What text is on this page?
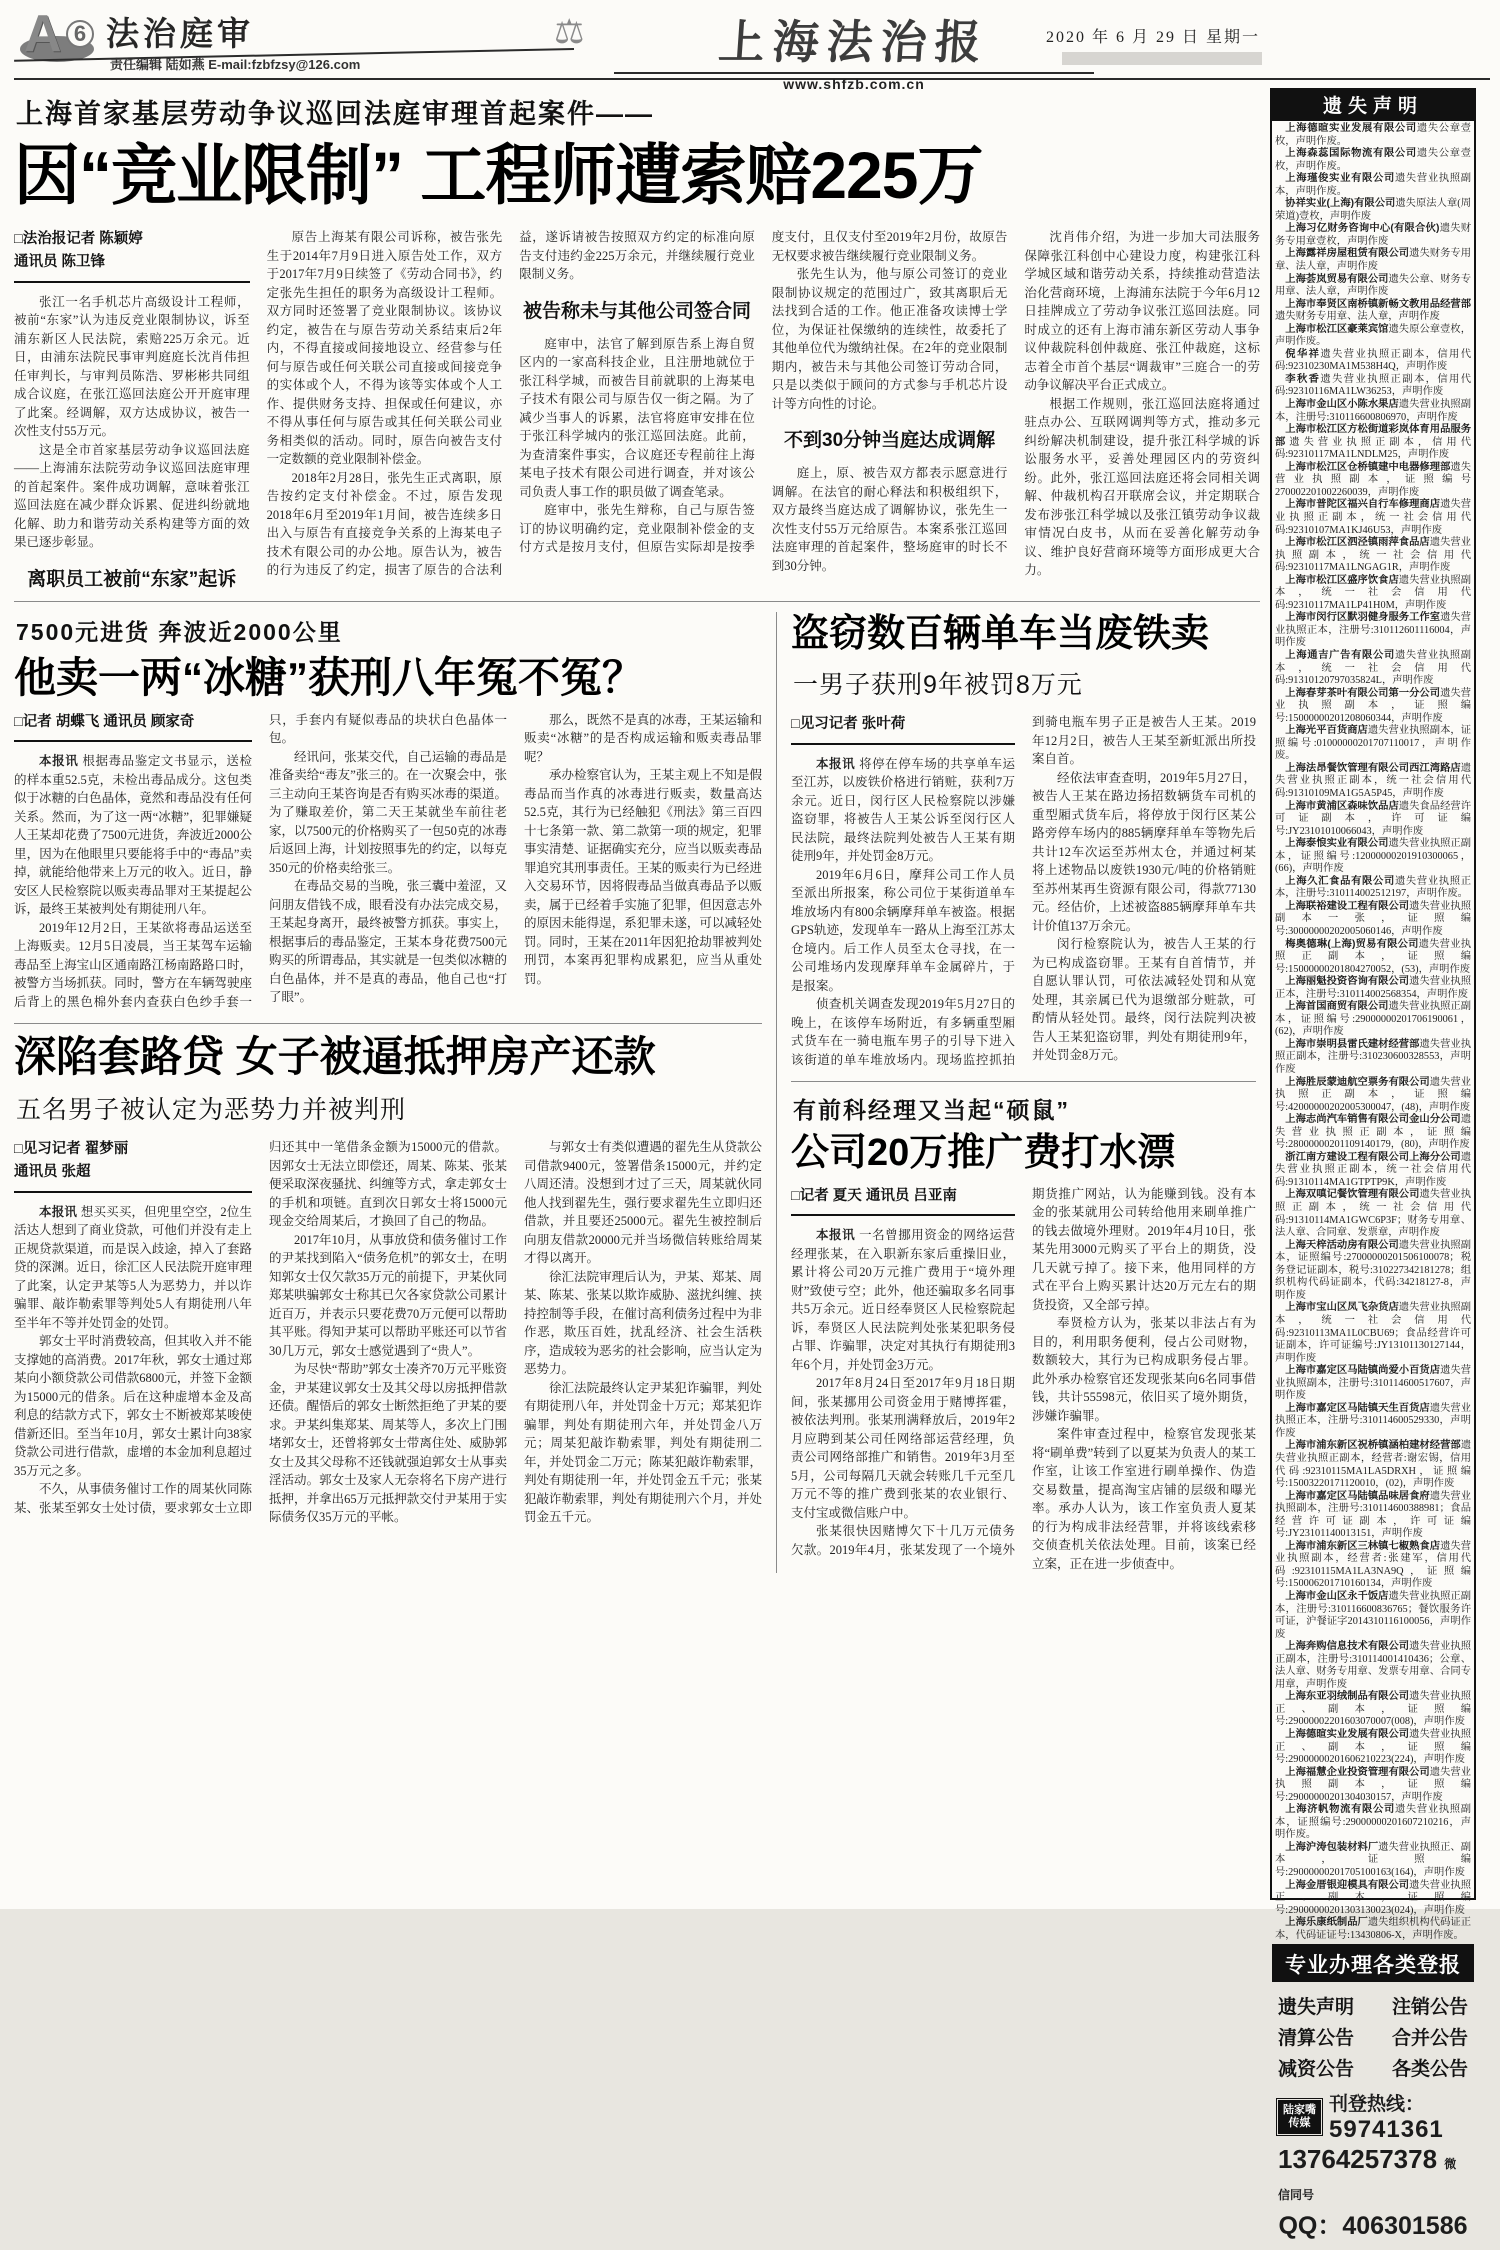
A 6 法治庭审
责任编辑 陆如燕 E-mail:fzbfzsy@126.com
⚖	上海法治报
www.shfzb.com.cn
2020 年 6 月 29 日 星期一
上海首家基层劳动争议巡回法庭审理首起案件——
因“竞业限制” 工程师遭索赔225万
□法治报记者 陈颖婷
通讯员 陈卫锋

张江一名手机芯片高级设计工程师，被前“东家”认为违反竞业限制协议，诉至浦东新区人民法院，索赔225万余元。近日，由浦东法院民事审判庭庭长沈肖伟担任审判长，与审判员陈浩、罗彬彬共同组成合议庭，在张江巡回法庭公开开庭审理了此案。经调解，双方达成协议，被告一次性支付55万元。

这是全市首家基层劳动争议巡回法庭——上海浦东法院劳动争议巡回法庭审理的首起案件。案件成功调解，意味着张江巡回法庭在减少群众诉累、促进纠纷就地化解、助力和谐劳动关系构建等方面的效果已逐步彰显。

离职员工被前“东家”起诉

原告上海某有限公司诉称，被告张先生于2014年7月9日进入原告处工作，双方于2017年7月9日续签了《劳动合同书》，约定张先生担任的职务为高级设计工程师。双方同时还签署了竞业限制协议。该协议约定，被告在与原告劳动关系结束后2年内，不得直接或间接地设立、经营参与任何与原告或任何关联公司直接或间接竞争的实体或个人，不得为该等实体或个人工作、提供财务支持、担保或任何建议，亦不得从事任何与原告或其任何关联公司业务相类似的活动。同时，原告向被告支付一定数额的竞业限制补偿金。

2018年2月28日，张先生正式离职，原告按约定支付补偿金。不过，原告发现2018年6月至2019年1月间，被告连续多日出入与原告有直接竞争关系的上海某电子技术有限公司的办公地。原告认为，被告的行为违反了约定，损害了原告的合法利益，遂诉请被告按照双方约定的标准向原告支付违约金225万余元，并继续履行竞业限制义务。

被告称未与其他公司签合同

庭审中，法官了解到原告系上海自贸区内的一家高科技企业，且注册地就位于张江科学城，而被告目前就职的上海某电子技术有限公司与原告仅一街之隔。为了减少当事人的诉累，法官将庭审安排在位于张江科学城内的张江巡回法庭。此前，为查清案件事实，合议庭还专程前往上海某电子技术有限公司进行调查，并对该公司负责人事工作的职员做了调查笔录。

庭审中，张先生辩称，自己与原告签订的协议明确约定，竞业限制补偿金的支付方式是按月支付，但原告实际却是按季度支付，且仅支付至2019年2月份，故原告无权要求被告继续履行竞业限制义务。

张先生认为，他与原公司签订的竞业限制协议规定的范围过广，致其离职后无法找到合适的工作。他正准备攻读博士学位，为保证社保缴纳的连续性，故委托了其他单位代为缴纳社保。在2年的竞业限制期内，被告未与其他公司签订劳动合同，只是以类似于顾问的方式参与手机芯片设计等方向性的讨论。

不到30分钟当庭达成调解

庭上，原、被告双方都表示愿意进行调解。在法官的耐心释法和积极组织下，双方最终当庭达成了调解协议，张先生一次性支付55万元给原告。本案系张江巡回法庭审理的首起案件，整场庭审的时长不到30分钟。

沈肖伟介绍，为进一步加大司法服务保障张江科创中心建设力度，构建张江科学城区域和谐劳动关系，持续推动营造法治化营商环境，上海浦东法院于今年6月12日挂牌成立了劳动争议张江巡回法庭。同时成立的还有上海市浦东新区劳动人事争议仲裁院科创仲裁庭、张江仲裁庭，这标志着全市首个基层“调裁审”三庭合一的劳动争议解决平台正式成立。

根据工作规则，张江巡回法庭将通过驻点办公、互联网调判等方式，推动多元纠纷解决机制建设，提升张江科学城的诉讼服务水平，妥善处理园区内的劳资纠纷。此外，张江巡回法庭还将会同相关调解、仲裁机构召开联席会议，并定期联合发布涉张江科学城以及张江镇劳动争议裁审情况白皮书，从而在妥善化解劳动争议、维护良好营商环境等方面形成更大合力。

7500元进货 奔波近2000公里
他卖一两“冰糖”获刑八年冤不冤？
□记者 胡蝶飞 通讯员 顾家奇

本报讯 根据毒品鉴定文书显示，送检的样本重52.5克，未检出毒品成分。这包类似于冰糖的白色晶体，竟然和毒品没有任何关系。然而，为了这一两“冰糖”，犯罪嫌疑人王某却花费了7500元进货，奔波近2000公里，因为在他眼里只要能将手中的“毒品”卖掉，就能给他带来上万元的收入。近日，静安区人民检察院以贩卖毒品罪对王某提起公诉，最终王某被判处有期徒刑八年。

2019年12月2日，王某欲将毒品运送至上海贩卖。12月5日凌晨，当王某驾车运输毒品至上海宝山区通南路江杨南路路口时，被警方当场抓获。同时，警方在车辆驾驶座后背上的黑色棉外套内查获白色纱手套一只，手套内有疑似毒品的块状白色晶体一包。

经讯问，张某交代，自己运输的毒品是准备卖给“毒友”张三的。在一次聚会中，张三主动向王某咨询是否有购买冰毒的渠道。为了赚取差价，第二天王某就坐车前往老家，以7500元的价格购买了一包50克的冰毒后返回上海，计划按照事先的约定，以每克350元的价格卖给张三。

在毒品交易的当晚，张三囊中羞涩，又问朋友借钱不成，眼看没有办法完成交易，王某起身离开，最终被警方抓获。事实上，根据事后的毒品鉴定，王某本身花费7500元购买的所谓毒品，其实就是一包类似冰糖的白色晶体，并不是真的毒品，他自己也“打了眼”。

那么，既然不是真的冰毒，王某运输和贩卖“冰糖”的是否构成运输和贩卖毒品罪呢？

承办检察官认为，王某主观上不知是假毒品而当作真的冰毒进行贩卖，数量高达52.5克，其行为已经触犯《刑法》第三百四十七条第一款、第二款第一项的规定，犯罪事实清楚、证据确实充分，应当以贩卖毒品罪追究其刑事责任。王某的贩卖行为已经进入交易环节，因将假毒品当做真毒品予以贩卖，属于已经着手实施了犯罪，但因意志外的原因未能得逞，系犯罪未遂，可以减轻处罚。同时，王某在2011年因犯抢劫罪被判处刑罚，本案再犯罪构成累犯，应当从重处罚。

深陷套路贷 女子被逼抵押房产还款
五名男子被认定为恶势力并被判刑
□见习记者 翟梦丽
通讯员 张超

本报讯 想买买买，但兜里空空，2位生活达人想到了商业贷款，可他们并没有走上正规贷款渠道，而是误入歧途，掉入了套路贷的深渊。近日，徐汇区人民法院开庭审理了此案，认定尹某等5人为恶势力，并以诈骗罪、敲诈勒索罪等判处5人有期徒刑八年至半年不等并处罚金的处罚。

郭女士平时消费较高，但其收入并不能支撑她的高消费。2017年秋，郭女士通过郑某向小额贷款公司借款6800元，并签下金额为15000元的借条。后在这种虚增本金及高利息的结款方式下，郭女士不断被郑某唆使借新还旧。至当年10月，郭女士累计向38家贷款公司进行借款，虚增的本金加利息超过35万元之多。

不久，从事债务催讨工作的周某伙同陈某、张某至郭女士处讨债，要求郭女士立即归还其中一笔借条金额为15000元的借款。因郭女士无法立即偿还，周某、陈某、张某便采取深夜骚扰、纠缠等方式，拿走郭女士的手机和项链。直到次日郭女士将15000元现金交给周某后，才换回了自己的物品。

2017年10月，从事放贷和债务催讨工作的尹某找到陷入“债务危机”的郭女士，在明知郭女士仅欠款35万元的前提下，尹某伙同郑某哄骗郭女士称其已欠各家贷款公司累计近百万，并表示只要花费70万元便可以帮助其平账。得知尹某可以帮助平账还可以节省30几万元，郭女士感觉遇到了“贵人”。

为尽快“帮助”郭女士凑齐70万元平账资金，尹某建议郭女士及其父母以房抵押借款还债。醒悟后的郭女士断然拒绝了尹某的要求。尹某纠集郑某、周某等人，多次上门围堵郭女士，还曾将郭女士带离住处、威胁郭女士及其父母称不还钱就强迫郭女士从事卖淫活动。郭女士及家人无奈将名下房产进行抵押，并拿出65万元抵押款交付尹某用于实际债务仅35万元的平帐。

与郭女士有类似遭遇的翟先生从贷款公司借款9400元，签署借条15000元，并约定八周还清。没想到才过了三天，周某就伙同他人找到翟先生，强行要求翟先生立即归还借款，并且要还25000元。翟先生被控制后向朋友借款20000元并当场微信转账给周某才得以离开。

徐汇法院审理后认为，尹某、郑某、周某、陈某、张某以欺诈威胁、滋扰纠缠、挟持控制等手段，在催讨高利债务过程中为非作恶，欺压百姓，扰乱经济、社会生活秩序，造成较为恶劣的社会影响，应当认定为恶势力。

徐汇法院最终认定尹某犯诈骗罪，判处有期徒刑八年，并处罚金十万元；郑某犯诈骗罪，判处有期徒刑六年，并处罚金八万元；周某犯敲诈勒索罪，判处有期徒刑二年，并处罚金二万元；陈某犯敲诈勒索罪，判处有期徒刑一年，并处罚金五千元；张某犯敲诈勒索罪，判处有期徒刑六个月，并处罚金五千元。

盗窃数百辆单车当废铁卖
一男子获刑9年被罚8万元
□见习记者 张叶荷

本报讯 将停在停车场的共享单车运至江苏，以废铁价格进行销赃，获利7万余元。近日，闵行区人民检察院以涉嫌盗窃罪，将被告人王某公诉至闵行区人民法院，最终法院判处被告人王某有期徒刑9年，并处罚金8万元。

2019年6月6日，摩拜公司工作人员至派出所报案，称公司位于某街道单车堆放场内有800余辆摩拜单车被盗。根据GPS轨迹，发现单车一路从上海至江苏太仓境内。后工作人员至太仓寻找，在一公司堆场内发现摩拜单车金属碎片，于是报案。

侦查机关调查发现2019年5月27日的晚上，在该停车场附近，有多辆重型厢式货车在一骑电瓶车男子的引导下进入该街道的单车堆放场内。现场监控抓拍到骑电瓶车男子正是被告人王某。2019年12月2日，被告人王某至新虹派出所投案自首。

经依法审查查明，2019年5月27日，被告人王某在路边扬招数辆货车司机的重型厢式货车后，将停放于闵行区某公路旁停车场内的885辆摩拜单车等物先后共计12车次运至苏州太仓，并通过柯某将上述物品以废铁1930元/吨的价格销赃至苏州某再生资源有限公司，得款77130元。经估价，上述被盗885辆摩拜单车共计价值137万余元。

闵行检察院认为，被告人王某的行为已构成盗窃罪。王某有自首情节，并自愿认罪认罚，可依法减轻处罚和从宽处理，其亲属已代为退缴部分赃款，可酌情从轻处罚。最终，闵行法院判决被告人王某犯盗窃罪，判处有期徒刑9年，并处罚金8万元。

有前科经理又当起“硕鼠”
公司20万推广费打水漂
□记者 夏天 通讯员 吕亚南

本报讯 一名曾挪用资金的网络运营经理张某，在入职新东家后重操旧业，累计将公司20万元推广费用于“境外理财”致使亏空；此外，他还骗取多名同事共5万余元。近日经奉贤区人民检察院起诉，奉贤区人民法院判处张某犯职务侵占罪、诈骗罪，决定对其执行有期徒刑3年6个月，并处罚金3万元。

2017年8月24日至2017年9月18日期间，张某挪用公司资金用于赌博挥霍，被依法判刑。张某刑满释放后，2019年2月应聘到某公司任网络部运营经理，负责公司网络部推广和销售。2019年3月至5月，公司每隔几天就会转账几千元至几万元不等的推广费到张某的农业银行、支付宝或微信账户中。

张某很快因赌博欠下十几万元债务欠款。2019年4月，张某发现了一个境外期货推广网站，认为能赚到钱。没有本金的张某就用公司转给他用来刷单推广的钱去做境外理财。2019年4月10日，张某先用3000元购买了平台上的期货，没几天就亏掉了。接下来，他用同样的方式在平台上购买累计达20万元左右的期货投资，又全部亏掉。

奉贤检方认为，张某以非法占有为目的，利用职务便利，侵占公司财物，数额较大，其行为已构成职务侵占罪。此外承办检察官还发现张某向6名同事借钱，共计55598元，依旧买了境外期货，涉嫌诈骗罪。

案件审查过程中，检察官发现张某将“刷单费”转到了以夏某为负责人的某工作室，让该工作室进行刷单操作、伪造交易数量，提高淘宝店铺的层级和曝光率。承办人认为，该工作室负责人夏某的行为构成非法经营罪，并将该线索移交侦查机关依法处理。目前，该案已经立案，正在进一步侦查中。

遗失声明

上海德暄实业发展有限公司遗失公章壹枚，声明作废。

上海森蕊国际物流有限公司遗失公章壹枚，声明作废。

上海瑾俊实业有限公司遗失营业执照副本，声明作废。

协祥实业(上海)有限公司遗失原法人章(周荣道)壹枚，声明作废

上海习亿财务咨询中心(有限合伙)遗失财务专用章壹枚，声明作废

上海露祥房屋租赁有限公司遗失财务专用章、法人章，声明作废

上海荟岚贸易有限公司遗失公章、财务专用章、法人章，声明作废

上海市奉贤区南桥镇新畅文教用品经营部遗失财务专用章、法人章，声明作废

上海市松江区豪莱宾馆遗失原公章壹枚，声明作废。

倪华祥遗失营业执照正副本，信用代码:92310230MA1M538H4Q，声明作废

李秋香遗失营业执照正副本，信用代码:92310116MA1LW36253，声明作废

上海市金山区小陈水果店遗失营业执照副本，注册号:310116600806970，声明作废

上海市松江区方松街道彩岚体育用品服务部遗失营业执照正副本，信用代码:92310117MA1LNDLM25，声明作废

上海市松江区仓桥镇建中电器修理部遗失营业执照副本，证照编号270002201002260039，声明作废

上海市普陀区福兴自行车修理商店遗失营业执照正副本，统一社会信用代码:92310107MA1KJ46U53，声明作废

上海市松江区泗泾镇雨萍食品店遗失营业执照副本，统一社会信用代码:92310117MA1LNGAG1R，声明作废

上海市松江区盛序饮食店遗失营业执照副本，统一社会信用代码:92310117MA1LP41H0M，声明作废

上海市闵行区默羽健身服务工作室遗失营业执照正本，注册号:310112601116004，声明作废

上海通吉广告有限公司遗失营业执照副本，统一社会信用代码:91310120797035824L，声明作废

上海春芽茶叶有限公司第一分公司遗失营业执照副本，证照编号:15000000201208060344，声明作废

上海光平百货商店遗失营业执照副本，证照编号:01000000201707110017，声明作废。

上海法昂餐饮管理有限公司西江湾路店遗失营业执照正副本，统一社会信用代码:91310109MA1G5A5P45，声明作废

上海市黄浦区森味饮品店遗失食品经营许可证副本，许可证编号:JY23101010066043，声明作废

上海泰悢实业有限公司遗失营业执照正副本，证照编号:12000000201910300065，(66)，声明作废

上海久汇食品有限公司遗失营业执照正本，注册号:310114002512197，声明作废。

上海联裕建设工程有限公司遗失营业执照副本一张，证照编号:30000000202005060146，声明作废

梅奥德琳(上海)贸易有限公司遗失营业执照正副本，证照编号:15000000201804270052，(53)，声明作废

上海丽魁投资咨询有限公司遗失营业执照正本，注册号:310114002568354，声明作废

上海首国商贸有限公司遗失营业执照正副本，证照编号:29000000201706190061，(62)，声明作废

上海市崇明县雷氏建材经营部遗失营业执照正副本，注册号:310230600328553，声明作废

上海胜辰蒙迪航空票务有限公司遗失营业执照正副本，证照编号:42000000202005300047，(48)，声明作废

上海志尚汽车销售有限公司金山分公司遗失营业执照正副本，证照编号:28000000201109140179，(80)，声明作废

浙江南方建设工程有限公司上海分公司遗失营业执照正副本，统一社会信用代码:91310114MA1GTPTP9K，声明作废

上海双嗔记餐饮管理有限公司遗失营业执照正副本，统一社会信用代码:91310114MA1GWC6P3F；财务专用章、法人章、合同章、发票章，声明作废

上海天梓活动房有限公司遗失营业执照副本，证照编号:27000000201506100078；税务登记证副本，税号:310227342181278；组织机构代码证副本，代码:34218127-8，声明作废

上海市宝山区凤飞杂货店遗失营业执照副本，统一社会信用代码:92310113MA1L0CBU69；食品经营许可证副本，许可证编号:JY13101130127144，声明作废

上海市嘉定区马陆镇尚爱小百货店遗失营业执照副本，注册号:310114600517607，声明作废

上海市嘉定区马陆镇天生百货店遗失营业执照正本，注册号:310114600529330，声明作废

上海市浦东新区祝桥镇涵柏建材经营部遗失营业执照正副本，经营者:谢宏锡，信用代码:92310115MA1LA5DRXH，证照编号:15003220171120010，(02)，声明作废

上海市嘉定区马陆镇品味居食府遗失营业执照副本，注册号:310114600388981；食品经营许可证副本，许可证编号:JY23101140013151，声明作废

上海市浦东新区三林镇七椒熟食店遗失营业执照副本，经营者:张建军，信用代码:92310115MA1LA3NA9Q，证照编号:150006201710160134，声明作废

上海市金山区永千饭店遗失营业执照正副本，注册号:310116600836765；餐饮服务许可证，沪餐证字2014310116100056，声明作废

上海奔购信息技术有限公司遗失营业执照正副本，注册号:310114001410436；公章、法人章、财务专用章、发票专用章、合同专用章，声明作废

上海东亚羽绒制品有限公司遗失营业执照正、副本，证照编号:29000002201603070007(008)，声明作废

上海德暄实业发展有限公司遗失营业执照正、副本，证照编号:29000000201606210223(224)，声明作废

上海福慧企业投资管理有限公司遗失营业执照副本，证照编号:29000000201304030157，声明作废

上海济帆物流有限公司遗失营业执照副本，证照编号:29000000201607210216，声明作废。

上海沪涛包装材料厂遗失营业执照正、副本，证照编号:29000000201705100163(164)，声明作废

上海金厝银迎模具有限公司遗失营业执照正、副本，证照编号:29000000201303130023(024)，声明作废

上海乐康纸制品厂遗失组织机构代码证正本，代码证证号:13430806-X，声明作废。

专业办理各类登报
遗失声明 注销公告
清算公告 合并公告
减资公告 各类公告
陆家嘴
传媒
刊登热线：
59741361
13764257378 微信同号
QQ：406301586
